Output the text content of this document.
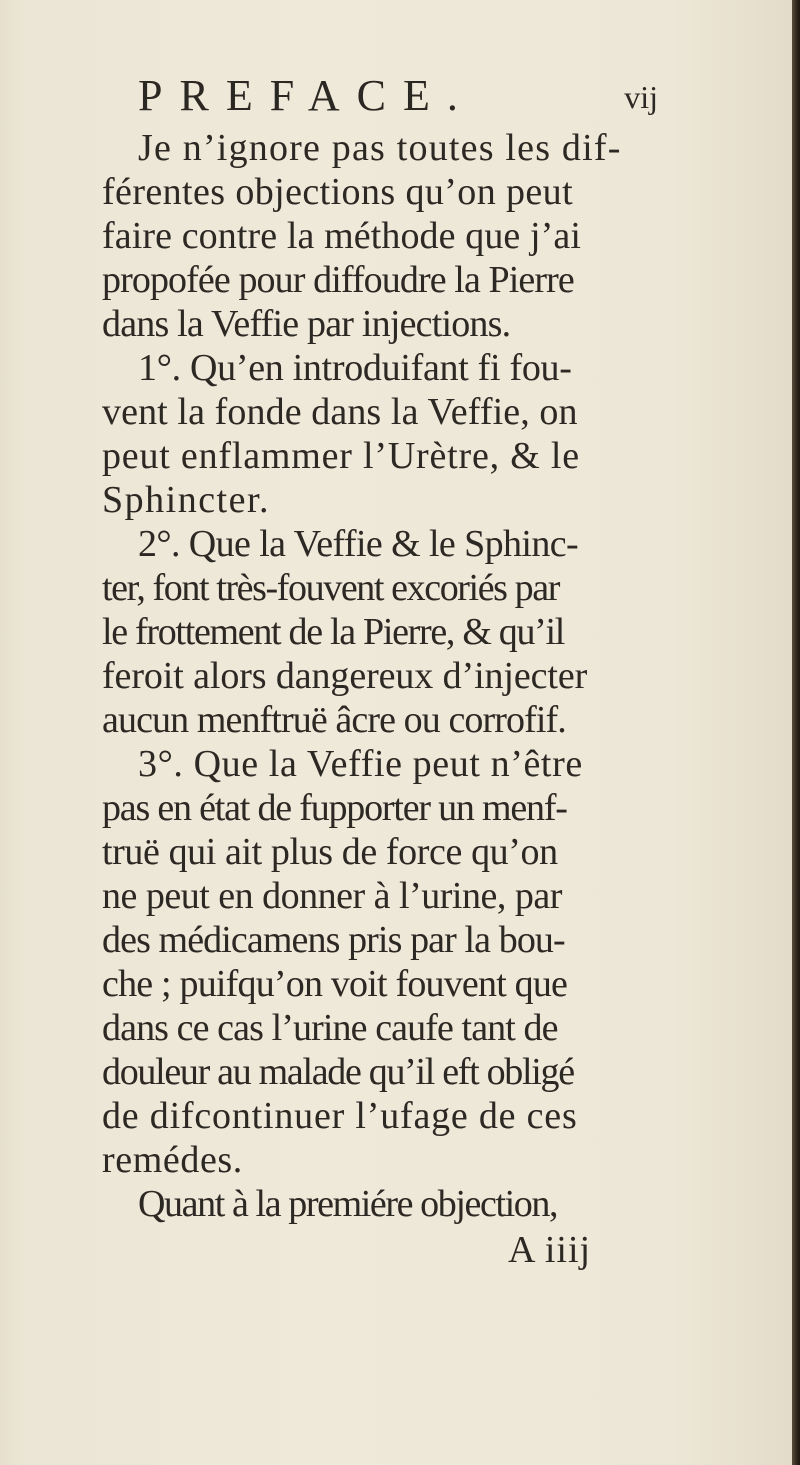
PREFACE.	vij
Je n’ignore pas toutes les dif-
férentes objections qu’on peut
faire contre la méthode que j’ai
propofée pour diffoudre la Pierre
dans la Veffie par injections.
1°. Qu’en introduifant fi fou-
vent la fonde dans la Veffie, on
peut enflammer l’Urètre, & le
Sphincter.
2°. Que la Veffie & le Sphinc-
ter, font très-fouvent excoriés par
le frottement de la Pierre, & qu’il
feroit alors dangereux d’injecter
aucun menftruë âcre ou corrofif.
3°. Que la Veffie peut n’être
pas en état de fupporter un menf-
truë qui ait plus de force qu’on
ne peut en donner à l’urine, par
des médicamens pris par la bou-
che ; puifqu’on voit fouvent que
dans ce cas l’urine caufe tant de
douleur au malade qu’il eft obligé
de difcontinuer l’ufage de ces
remédes.
Quant à la premiére objection,
A iiij
